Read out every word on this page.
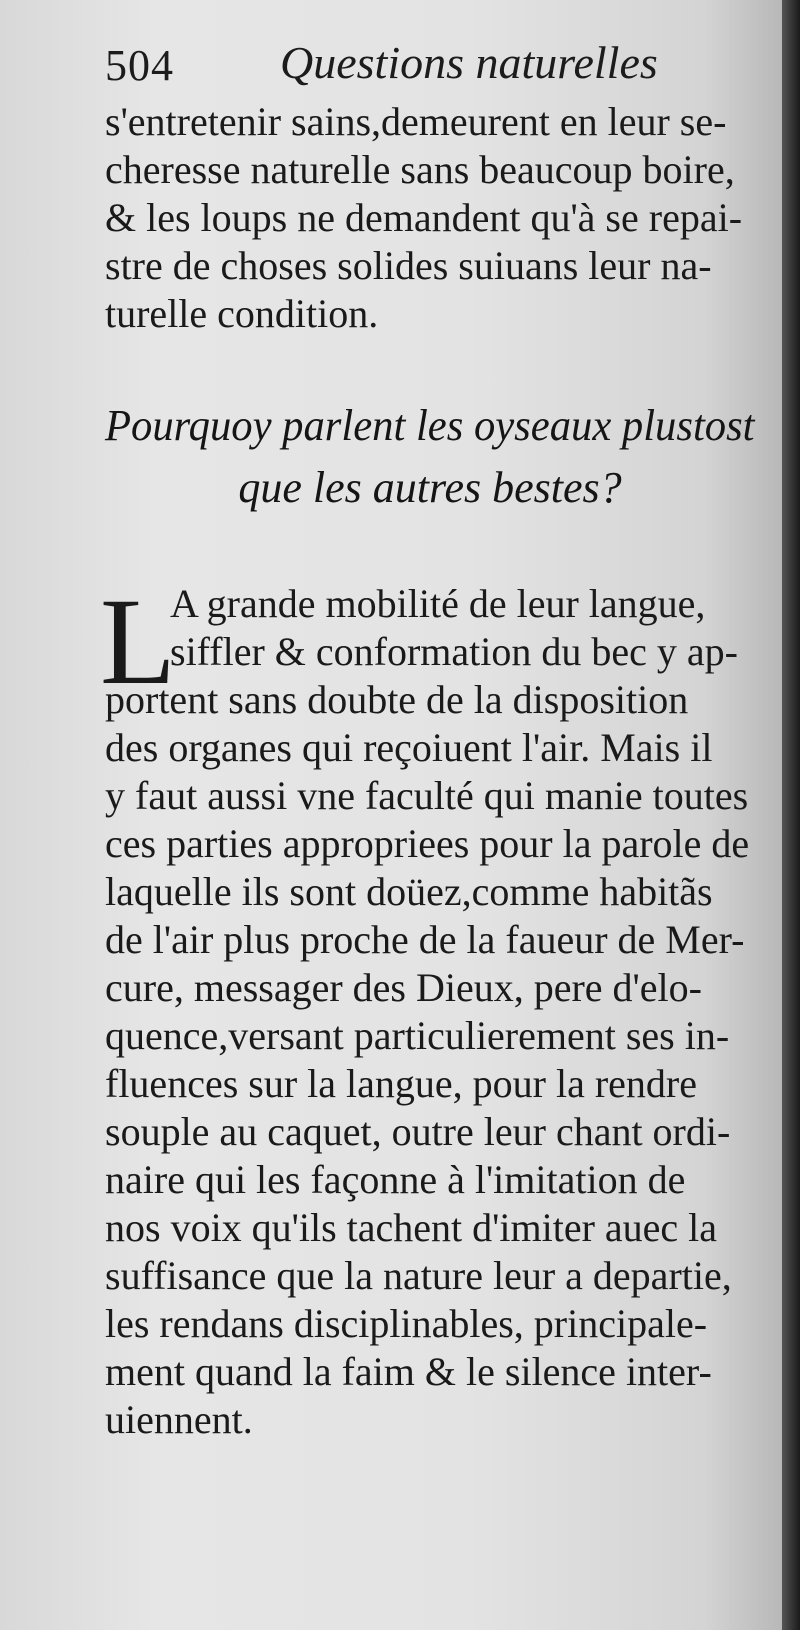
504 Questions naturelles
s'entretenir sains,demeurent en leur se-
cheresse naturelle sans beaucoup boire,
& les loups ne demandent qu'à se repai-
stre de choses solides suiuans leur na-
turelle condition.
Pourquoy parlent les oyseaux plustost
que les autres bestes?
L
A grande mobilité de leur langue,
siffler & conformation du bec y ap-
portent sans doubte de la disposition
des organes qui reçoiuent l'air. Mais il
y faut aussi vne faculté qui manie toutes
ces parties appropriees pour la parole de
laquelle ils sont doüez,comme habitãs
de l'air plus proche de la faueur de Mer-
cure, messager des Dieux, pere d'elo-
quence,versant particulierement ses in-
fluences sur la langue, pour la rendre
souple au caquet, outre leur chant ordi-
naire qui les façonne à l'imitation de
nos voix qu'ils tachent d'imiter auec la
suffisance que la nature leur a departie,
les rendans disciplinables, principale-
ment quand la faim & le silence inter-
uiennent.
